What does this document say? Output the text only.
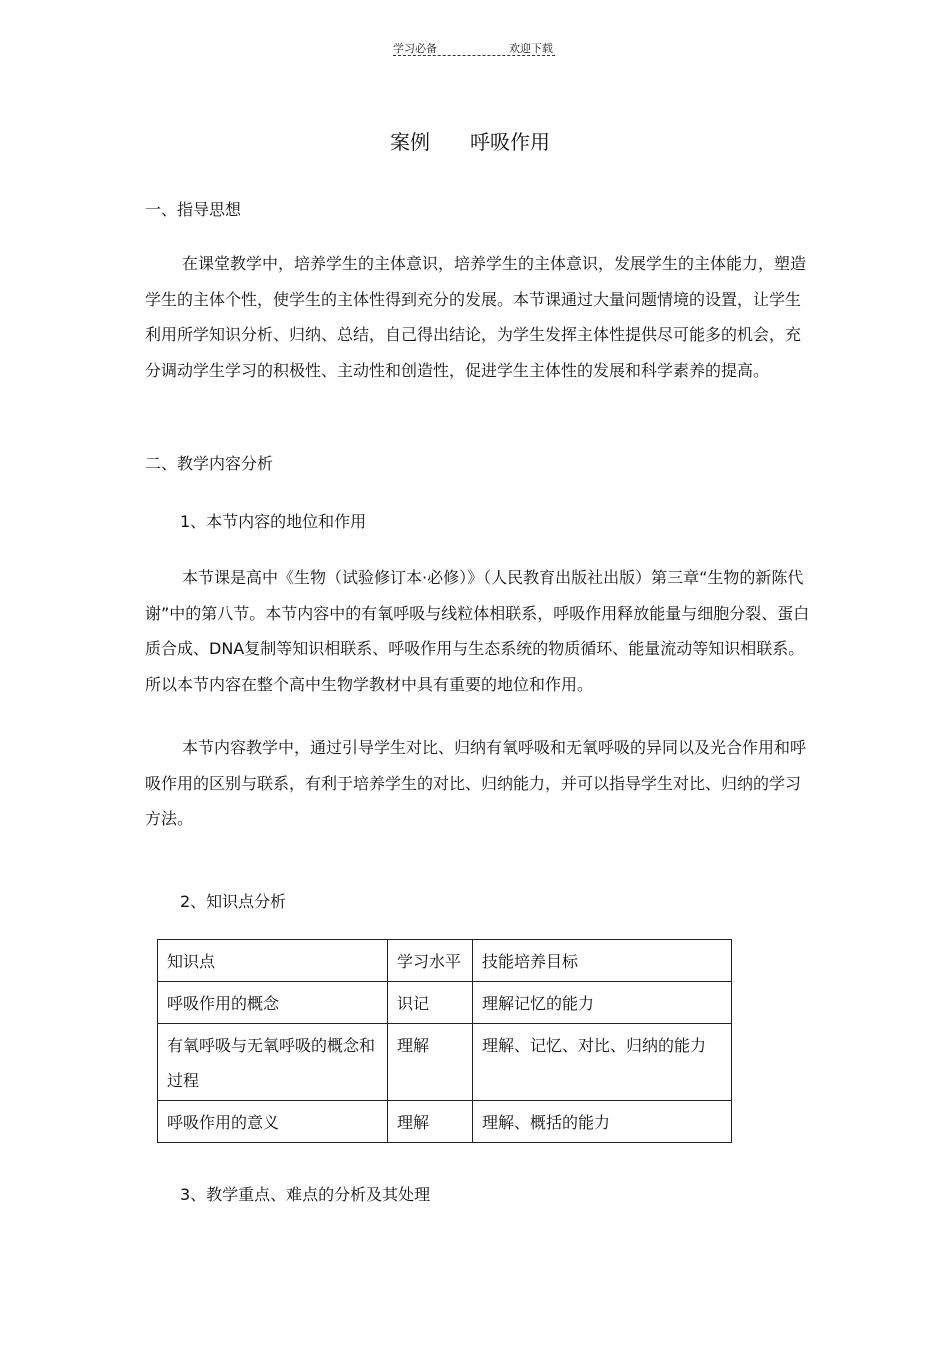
学习必备	欢迎下载
案例 呼吸作用
一、指导思想
在课堂教学中，培养学生的主体意识，培养学生的主体意识，发展学生的主体能力，塑造学生的主体个性，使学生的主体性得到充分的发展。本节课通过大量问题情境的设置，让学生利用所学知识分析、归纳、总结，自己得出结论，为学生发挥主体性提供尽可能多的机会，充分调动学生学习的积极性、主动性和创造性，促进学生主体性的发展和科学素养的提高。
二、教学内容分析
1、本节内容的地位和作用
本节课是高中《生物（试验修订本·必修）》（人民教育出版社出版）第三章“生物的新陈代谢”中的第八节。本节内容中的有氧呼吸与线粒体相联系，呼吸作用释放能量与细胞分裂、蛋白质合成、DNA复制等知识相联系、呼吸作用与生态系统的物质循环、能量流动等知识相联系。所以本节内容在整个高中生物学教材中具有重要的地位和作用。
本节内容教学中，通过引导学生对比、归纳有氧呼吸和无氧呼吸的异同以及光合作用和呼吸作用的区别与联系，有利于培养学生的对比、归纳能力，并可以指导学生对比、归纳的学习方法。
2、知识点分析
知识点	学习水平	技能培养目标
呼吸作用的概念	识记	理解记忆的能力
有氧呼吸与无氧呼吸的概念和过程	理解	理解、记忆、对比、归纳的能力
呼吸作用的意义	理解	理解、概括的能力
3、教学重点、难点的分析及其处理
